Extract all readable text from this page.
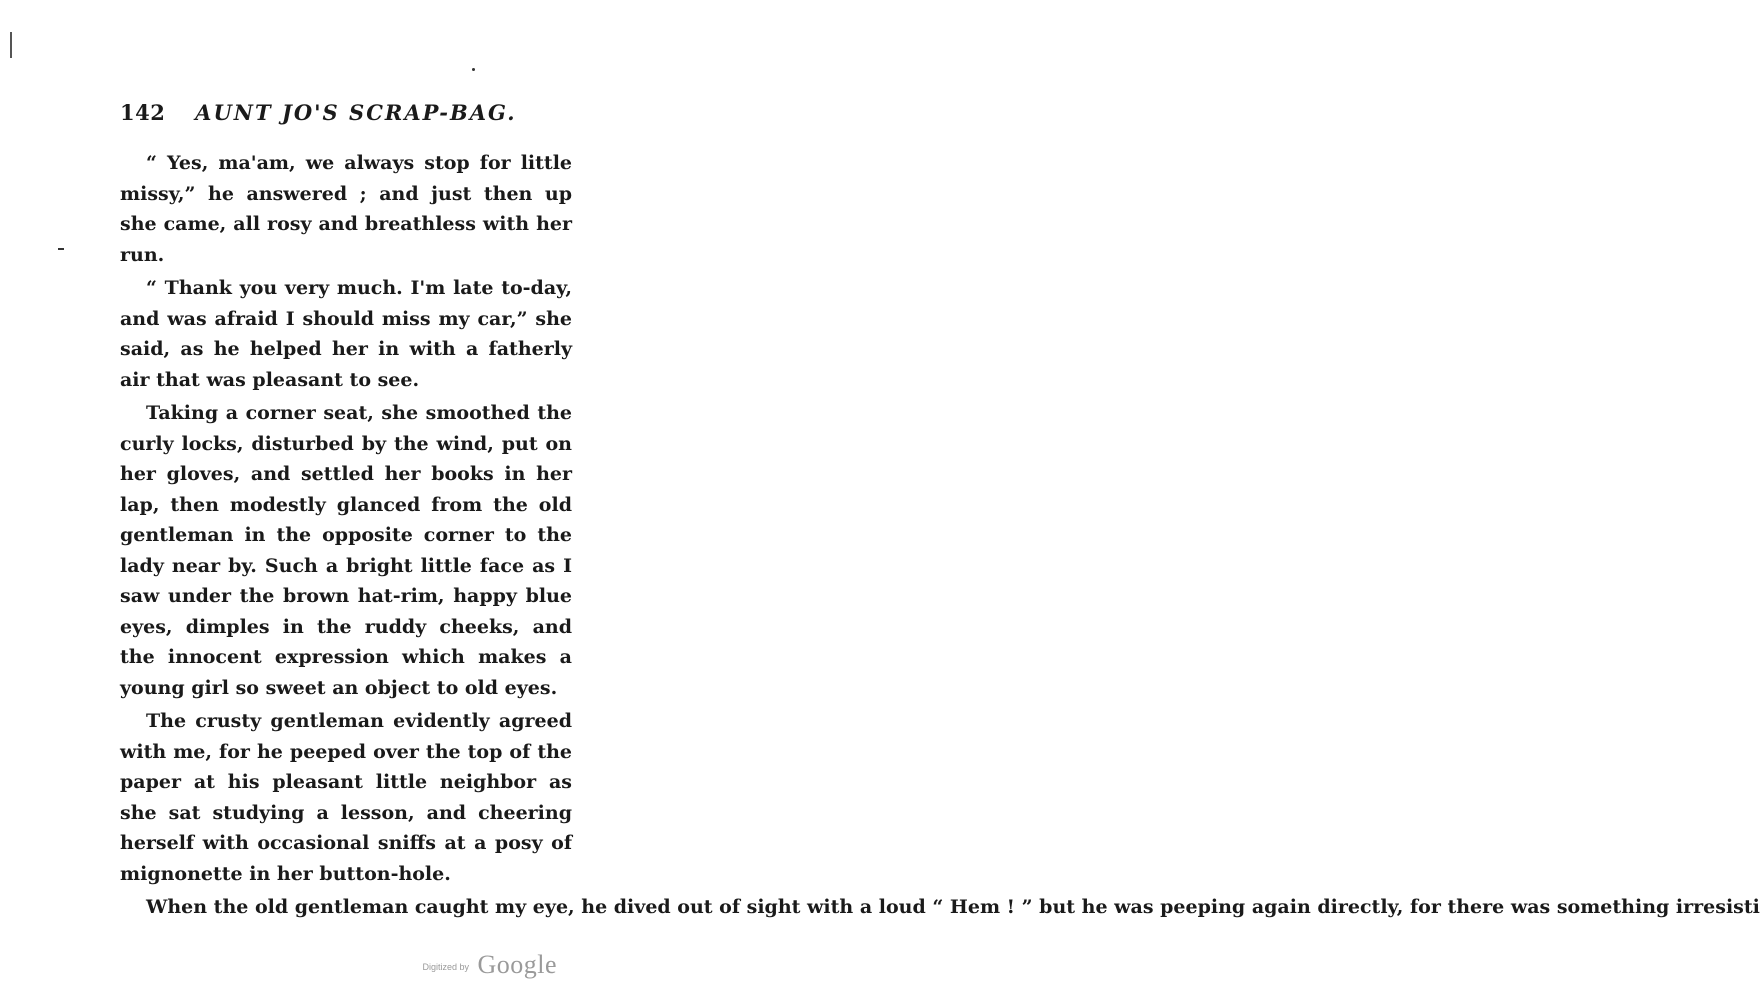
142 AUNT JO'S SCRAP-BAG.

“ Yes, ma'am, we always stop for little missy,” he answered ; and just then up she came, all rosy and breathless with her run.

“ Thank you very much. I'm late to-day, and was afraid I should miss my car,” she said, as he helped her in with a fatherly air that was pleasant to see.

Taking a corner seat, she smoothed the curly locks, disturbed by the wind, put on her gloves, and settled her books in her lap, then modestly glanced from the old gentleman in the opposite corner to the lady near by. Such a bright little face as I saw under the brown hat-rim, happy blue eyes, dimples in the ruddy cheeks, and the innocent expression which makes a young girl so sweet an object to old eyes.

The crusty gentleman evidently agreed with me, for he peeped over the top of the paper at his pleasant little neighbor as she sat studying a lesson, and cheering herself with occasional sniffs at a posy of mignonette in her button-hole.

When the old gentleman caught my eye, he dived out of sight with a loud “ Hem ! ” but he was peeping again directly, for there was something irresisti

Digitized by Google
